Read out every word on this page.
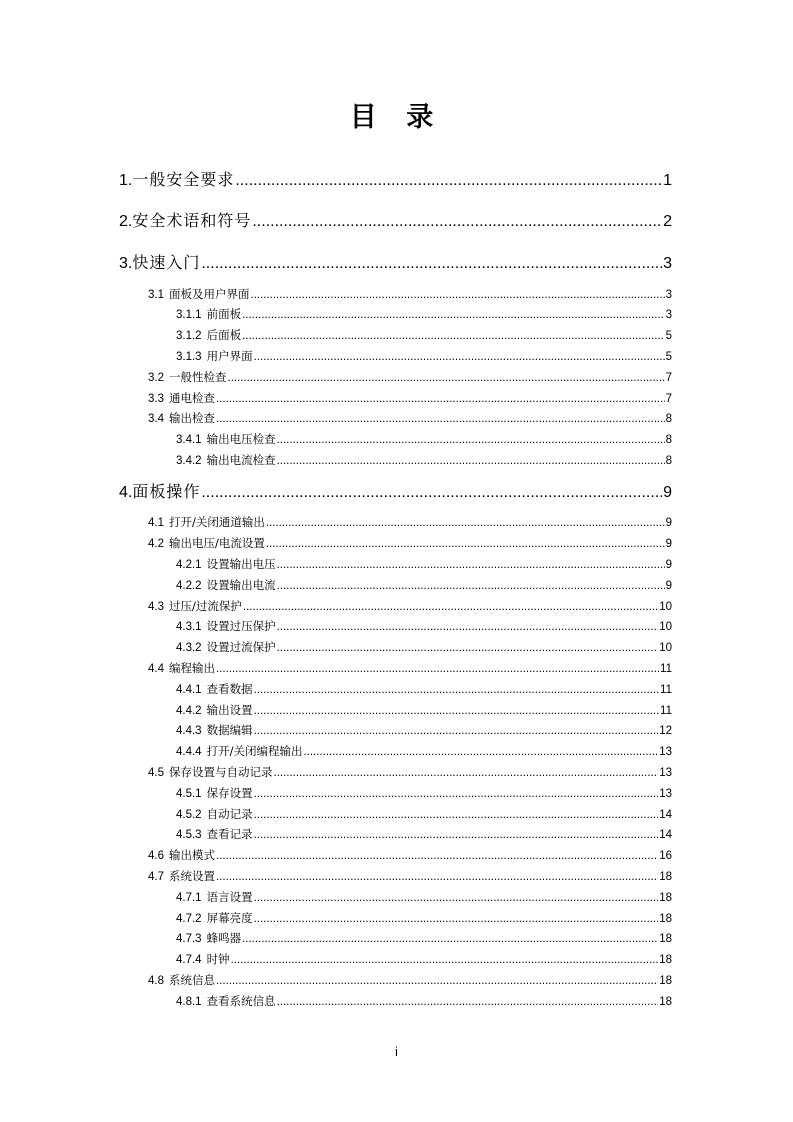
目 录
1. 一般安全要求 .....	1
2. 安全术语和符号 .....	2
3. 快速入门 .....	3
3.1 面板及用户界面 .....	3
3.1.1 前面板 .....	3
3.1.2 后面板 .....	5
3.1.3 用户界面 .....	5
3.2 一般性检查 .....	7
3.3 通电检查 .....	7
3.4 输出检查 .....	8
3.4.1 输出电压检查 .....	8
3.4.2 输出电流检查 .....	8
4. 面板操作 .....	9
4.1 打开/关闭通道输出 .....	9
4.2 输出电压/电流设置 .....	9
4.2.1 设置输出电压 .....	9
4.2.2 设置输出电流 .....	9
4.3 过压/过流保护 .....	10
4.3.1 设置过压保护 .....	10
4.3.2 设置过流保护 .....	10
4.4 编程输出 .....	11
4.4.1 查看数据 .....	11
4.4.2 输出设置 .....	11
4.4.3 数据编辑 .....	12
4.4.4 打开/关闭编程输出 .....	13
4.5 保存设置与自动记录 .....	13
4.5.1 保存设置 .....	13
4.5.2 自动记录 .....	14
4.5.3 查看记录 .....	14
4.6 输出模式 .....	16
4.7 系统设置 .....	18
4.7.1 语言设置 .....	18
4.7.2 屏幕亮度 .....	18
4.7.3 蜂鸣器 .....	18
4.7.4 时钟 .....	18
4.8 系统信息 .....	18
4.8.1 查看系统信息 .....	18
i
